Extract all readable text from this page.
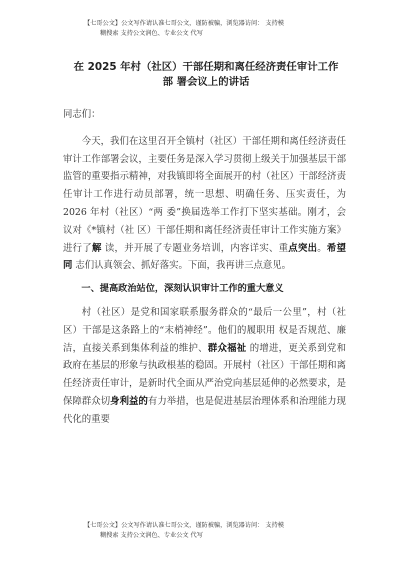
【七哥公文】公文写作请认准七哥公文，谨防被骗，浏览器访问： 支持模
糊搜索 支持公文润色、专业公文 代写
在 2025 年村（社区）干部任期和离任经济责任审计工作
部 署会议上的讲话

同志们：

今天，我们在这里召开全镇村（社区）干部任期和离任经济责任审计工作部署会议，主要任务是深入学习贯彻上级关于加强基层干部监管的重要指示精神，对我镇即将全面展开的村（社区）干部经济责任审计工作进行动员部署，统一思想、明确任务、压实责任，为 2026 年村（社区）“两 委”换届选举工作打下坚实基础。刚才，会议对《*镇村（社 区）干部任期和离任经济责任审计工作实施方案》进行了解 读，并开展了专题业务培训，内容详实、重点突出。希望同 志们认真领会、抓好落实。下面，我再讲三点意见。

一、提高政治站位，深刻认识审计工作的重大意义

村（社区）是党和国家联系服务群众的“最后一公里”，村（社区）干部是这条路上的“末梢神经”。他们的履职用 权是否规范、廉洁，直接关系到集体利益的维护、群众福祉 的增进，更关系到党和政府在基层的形象与执政根基的稳固。开展村（社区）干部任期和离任经济责任审计，是新时代全面从严治党向基层延伸的必然要求，是保障群众切身利益的有力举措，也是促进基层治理体系和治理能力现代化的重要

【七哥公文】公文写作请认准七哥公文，谨防被骗，浏览器访问： 支持模
糊搜索 支持公文润色、专业公文 代写
